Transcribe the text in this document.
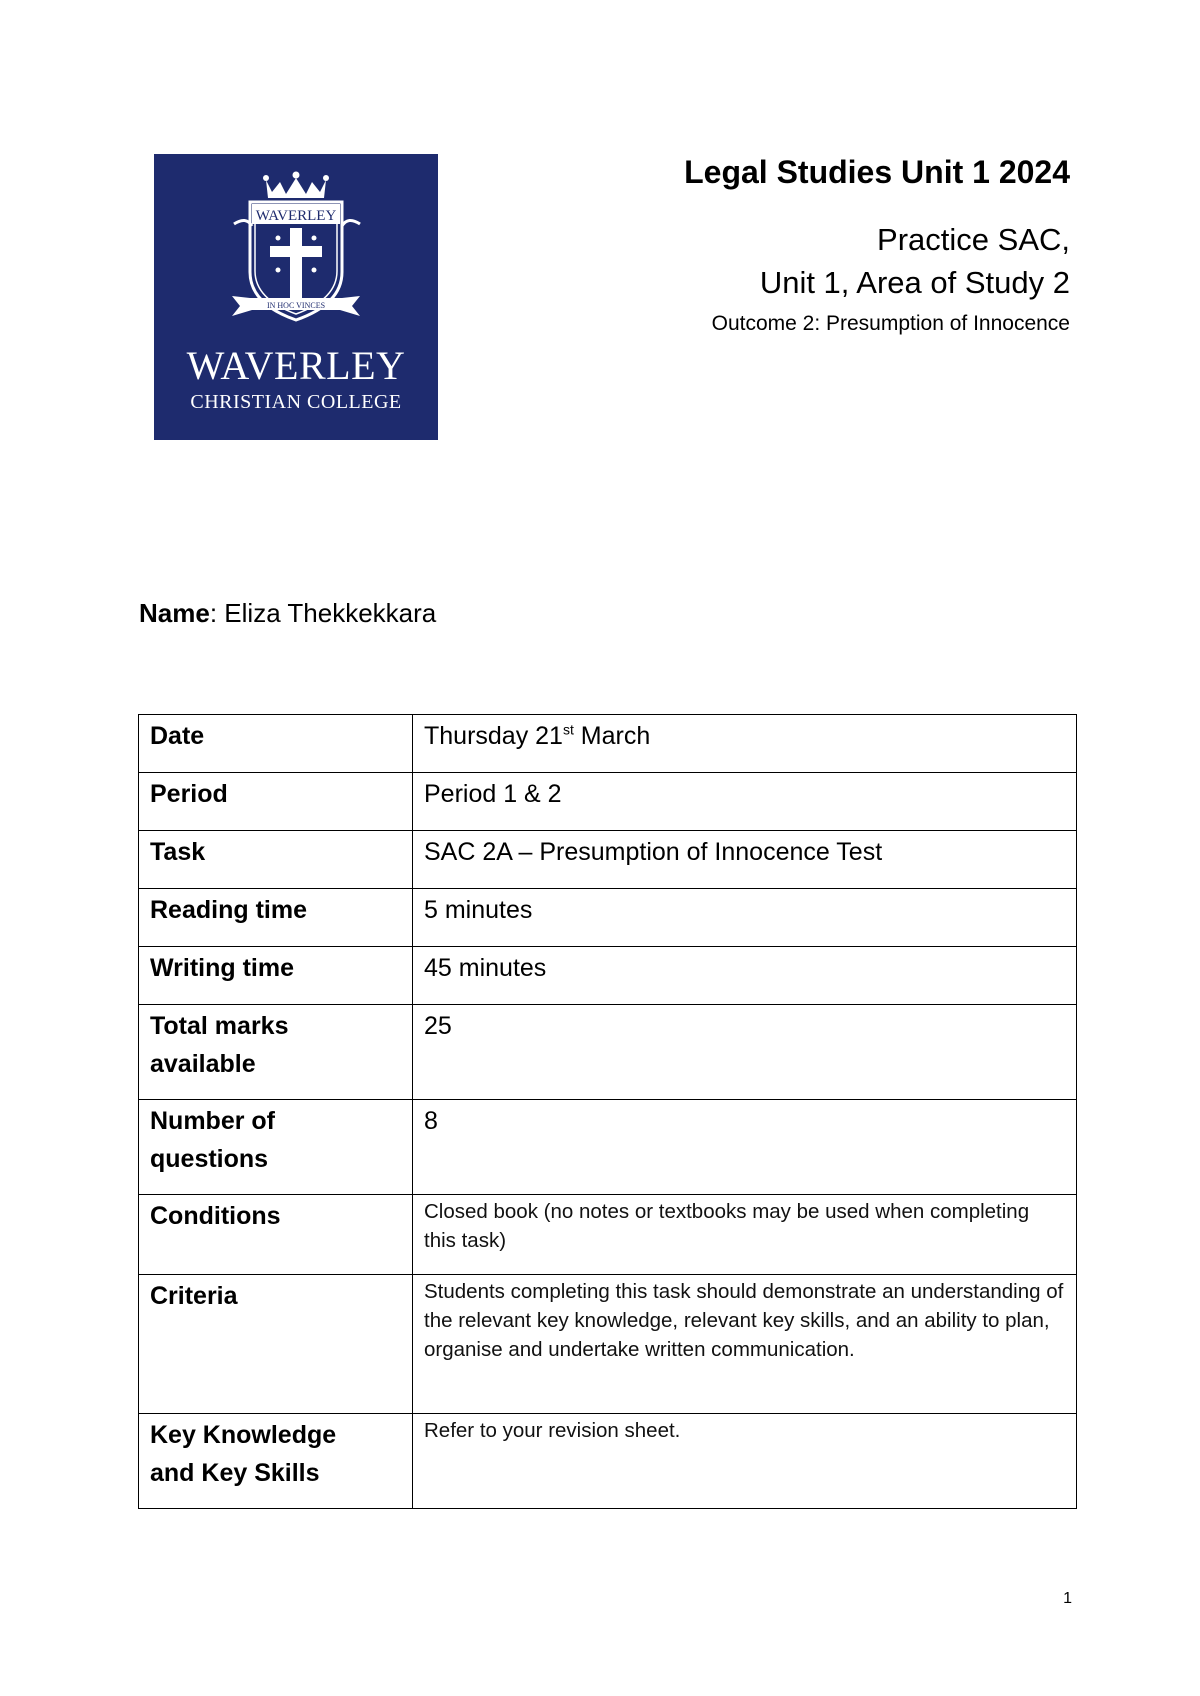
WAVERLEY
IN HOC VINCES
WAVERLEY
CHRISTIAN COLLEGE
Legal Studies Unit 1 2024
Practice SAC,
Unit 1, Area of Study 2
Outcome 2: Presumption of Innocence
Name: Eliza Thekkekkara
Date	Thursday 21st March
Period	Period 1 & 2
Task	SAC 2A – Presumption of Innocence Test
Reading time	5 minutes
Writing time	45 minutes
Total marks
available	25
Number of
questions	8
Conditions	Closed book (no notes or textbooks may be used when completing this task)
Criteria	Students completing this task should demonstrate an understanding of the relevant key knowledge, relevant key skills, and an ability to plan, organise and undertake written communication.
Key Knowledge
and Key Skills	Refer to your revision sheet.
1
